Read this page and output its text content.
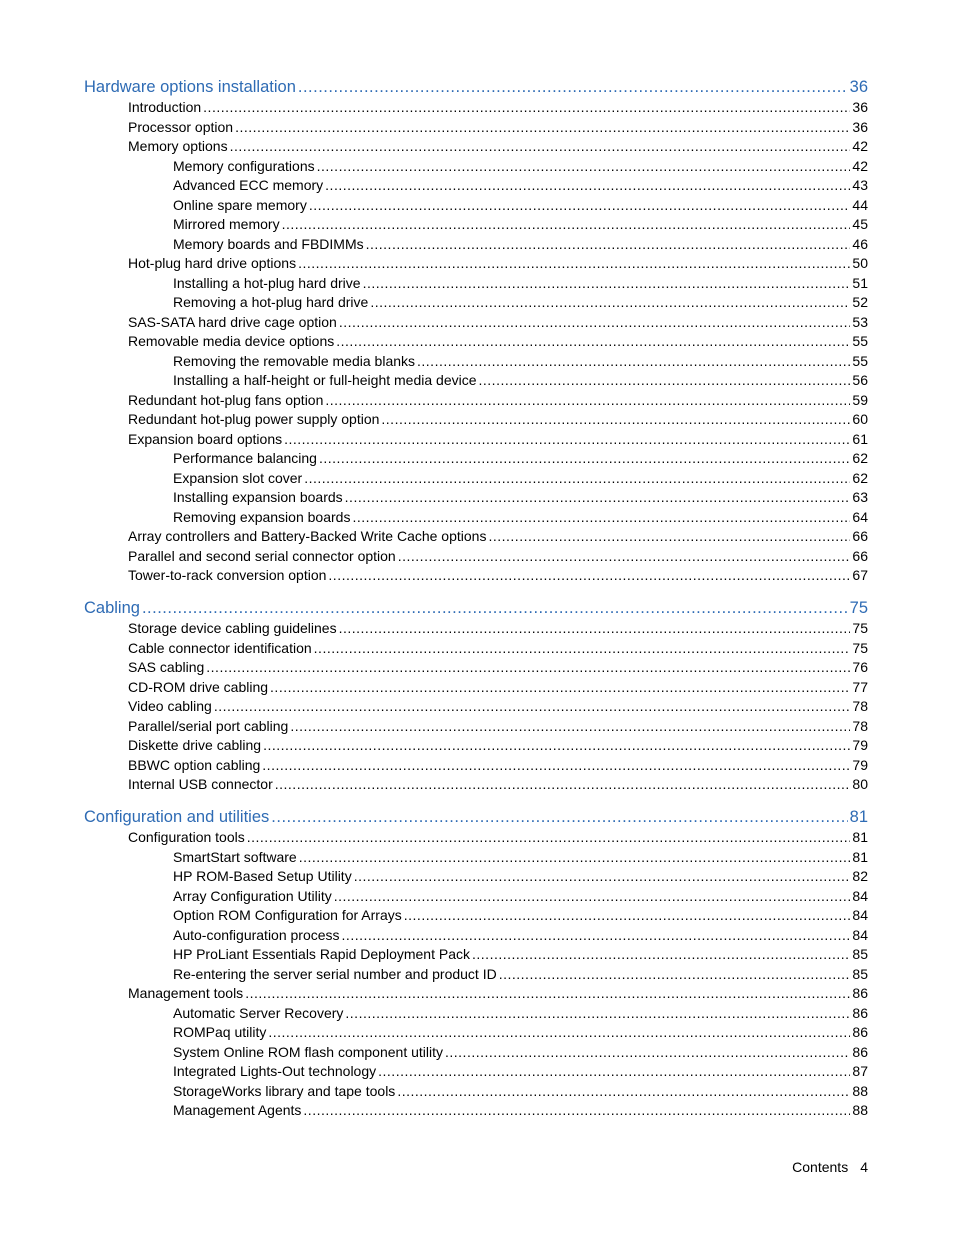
Hardware options installation .....	36
Introduction .....	36
Processor option .....	36
Memory options .....	42
Memory configurations .....	42
Advanced ECC memory .....	43
Online spare memory .....	44
Mirrored memory .....	45
Memory boards and FBDIMMs .....	46
Hot-plug hard drive options .....	50
Installing a hot-plug hard drive .....	51
Removing a hot-plug hard drive .....	52
SAS-SATA hard drive cage option .....	53
Removable media device options .....	55
Removing the removable media blanks .....	55
Installing a half-height or full-height media device .....	56
Redundant hot-plug fans option .....	59
Redundant hot-plug power supply option .....	60
Expansion board options .....	61
Performance balancing .....	62
Expansion slot cover .....	62
Installing expansion boards .....	63
Removing expansion boards .....	64
Array controllers and Battery-Backed Write Cache options .....	66
Parallel and second serial connector option .....	66
Tower-to-rack conversion option .....	67
Cabling .....	75
Storage device cabling guidelines .....	75
Cable connector identification .....	75
SAS cabling .....	76
CD-ROM drive cabling .....	77
Video cabling .....	78
Parallel/serial port cabling .....	78
Diskette drive cabling .....	79
BBWC option cabling .....	79
Internal USB connector .....	80
Configuration and utilities .....	81
Configuration tools .....	81
SmartStart software .....	81
HP ROM-Based Setup Utility .....	82
Array Configuration Utility .....	84
Option ROM Configuration for Arrays .....	84
Auto-configuration process .....	84
HP ProLiant Essentials Rapid Deployment Pack .....	85
Re-entering the server serial number and product ID .....	85
Management tools .....	86
Automatic Server Recovery .....	86
ROMPaq utility .....	86
System Online ROM flash component utility .....	86
Integrated Lights-Out technology .....	87
StorageWorks library and tape tools .....	88
Management Agents .....	88
Contents 4
